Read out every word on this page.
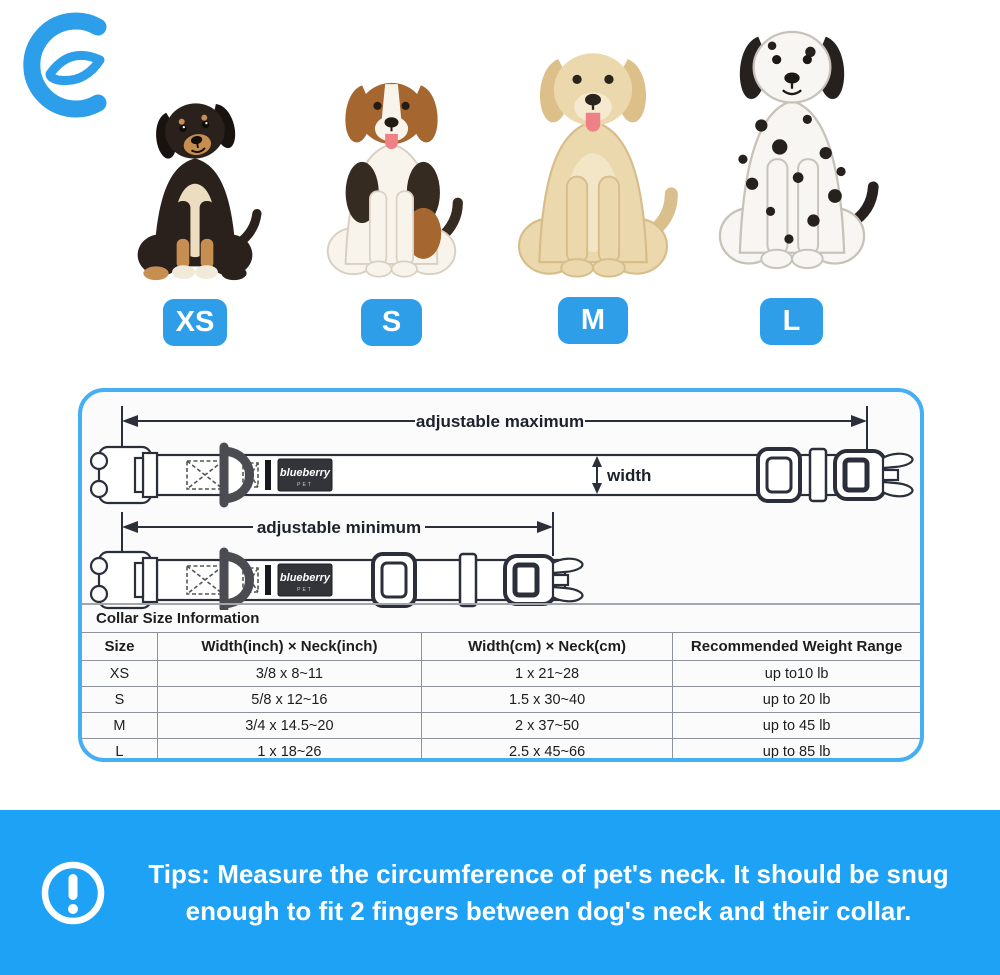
XS	S	M	L
adjustable maximum
blueberry
PET	width
adjustable minimum
blueberry
PET
Collar Size Information
Size	Width(inch) × Neck(inch)	Width(cm) × Neck(cm)	Recommended Weight Range
XS	3/8 x 8~11	1 x 21~28	up to10 lb
S	5/8 x 12~16	1.5 x 30~40	up to 20 lb
M	3/4 x 14.5~20	2 x 37~50	up to 45 lb
L	1 x 18~26	2.5 x 45~66	up to 85 lb
Tips: Measure the circumference of pet's neck. It should be snug
enough to fit 2 fingers between dog's neck and their collar.
